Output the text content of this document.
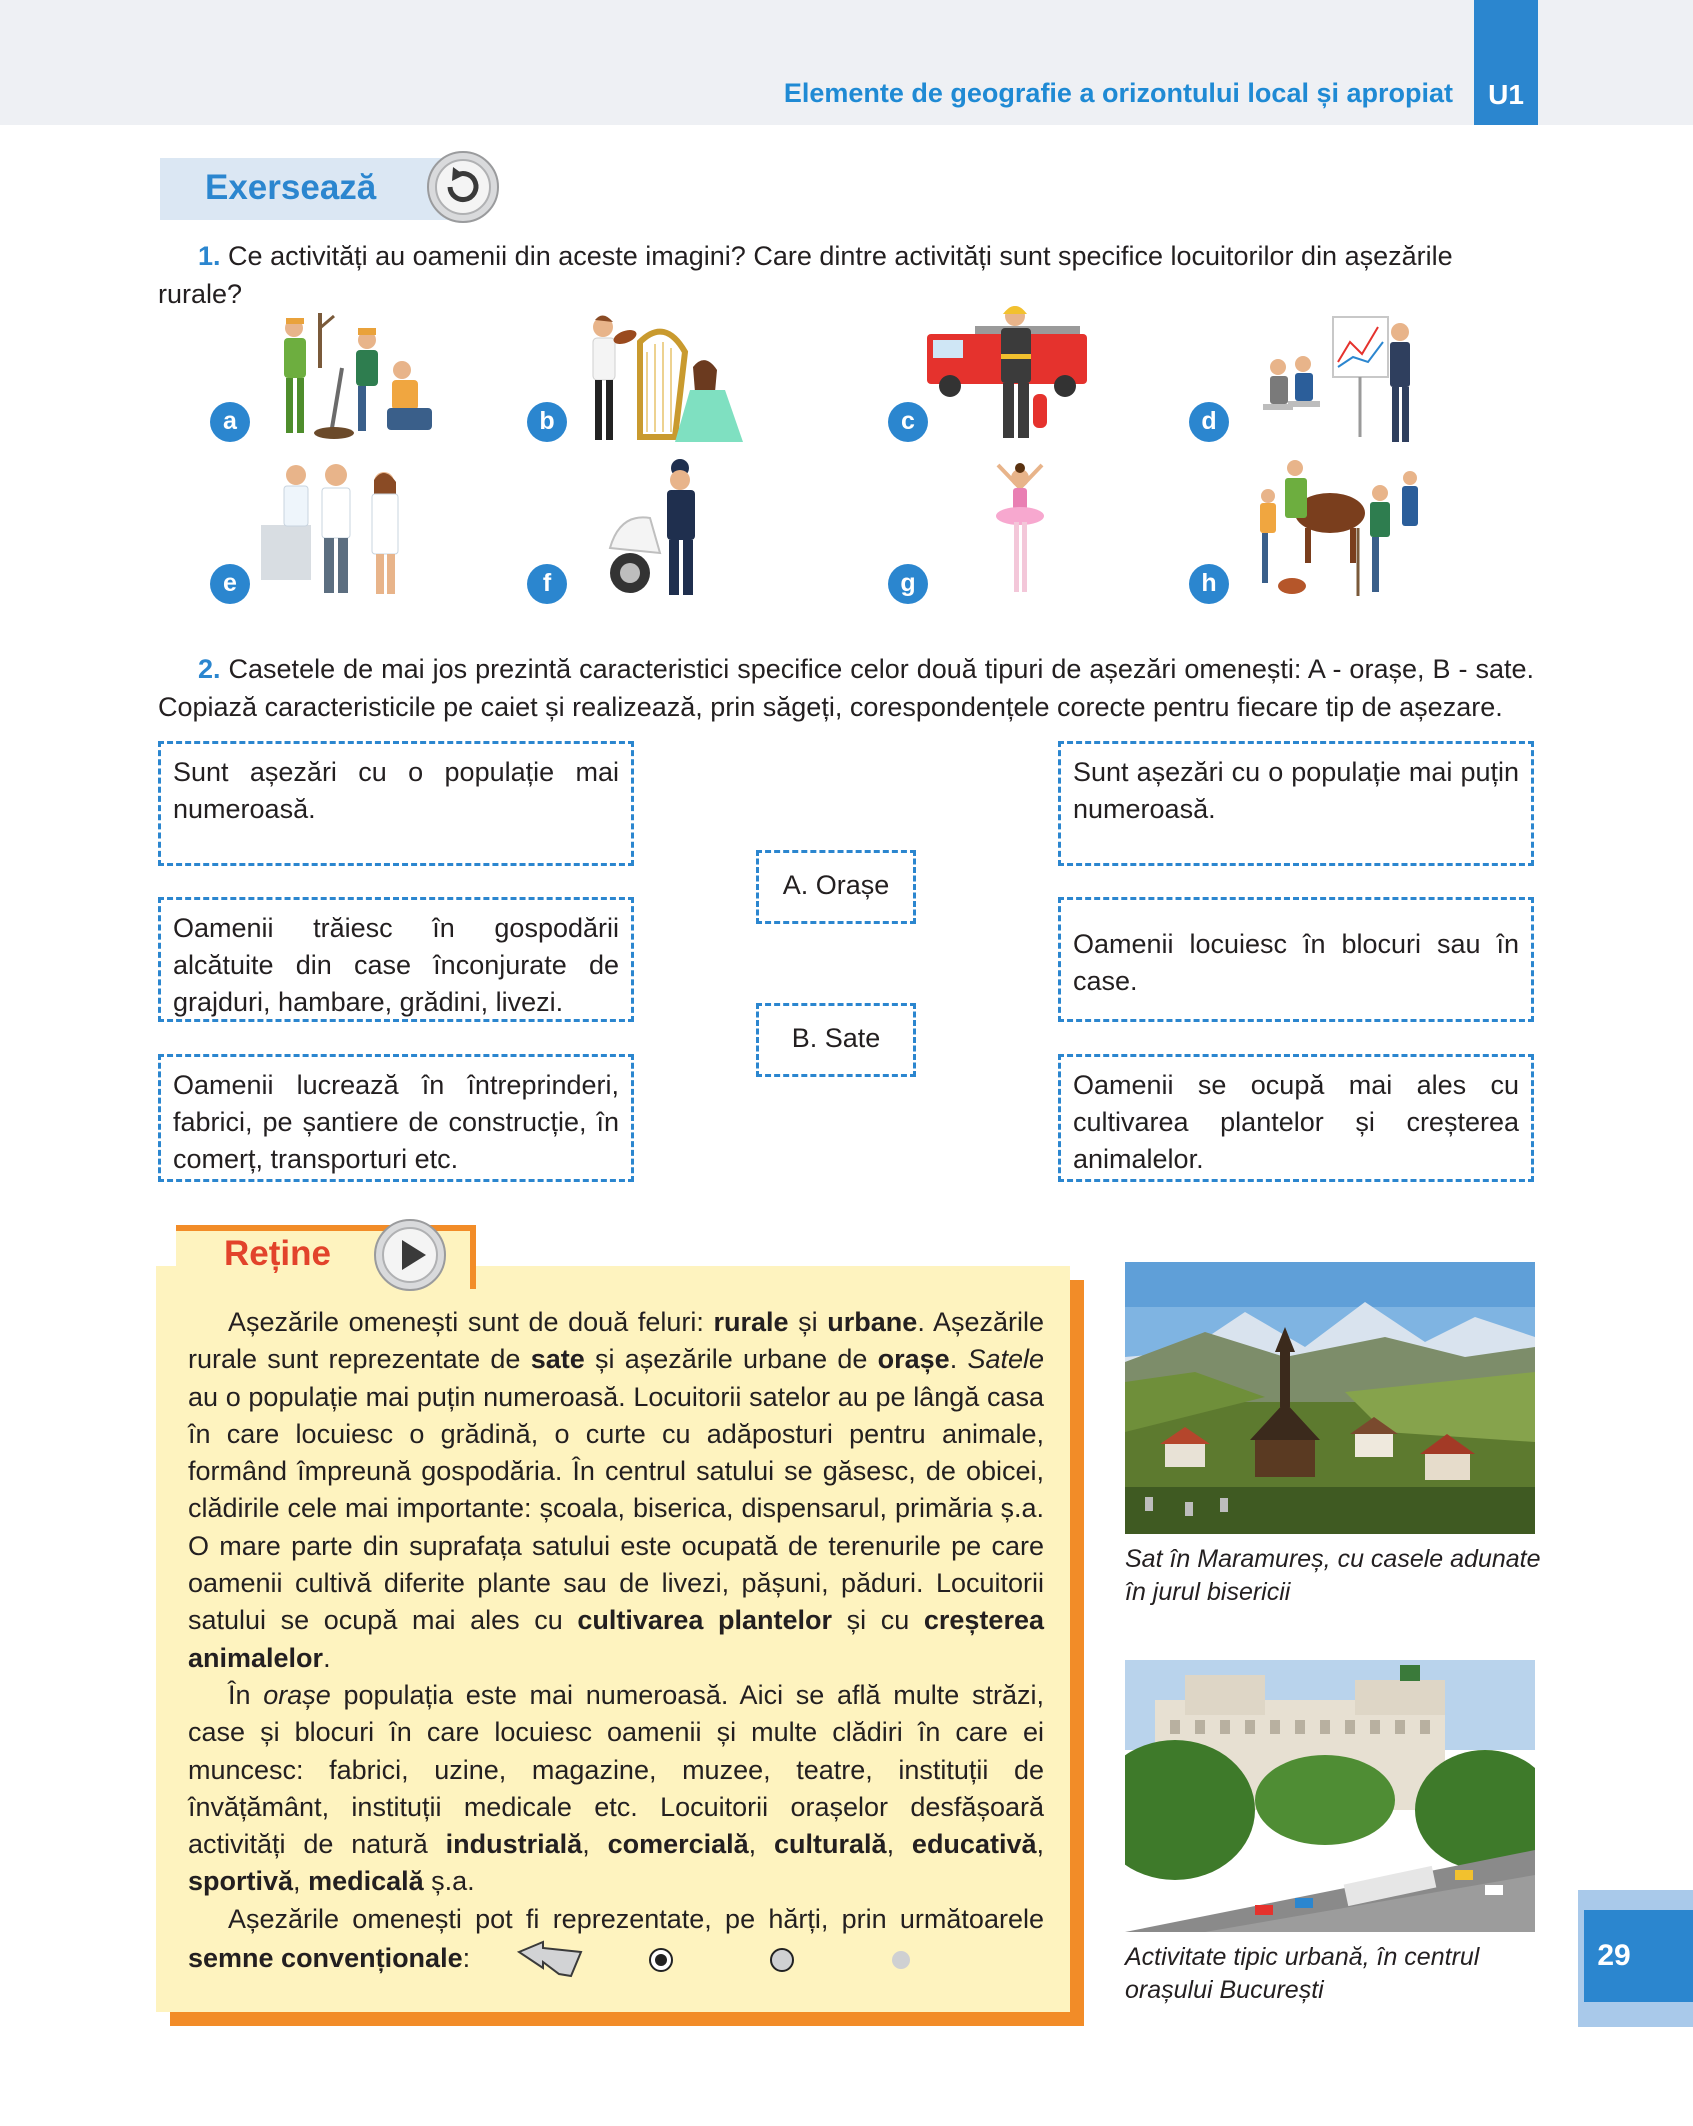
Elemente de geografie a orizontului local și apropiat	U1
Exersează
1. Ce activități au oamenii din aceste imagini? Care dintre activități sunt specifice locuitorilor din așezările rurale?
a	b	c	d
e	f	g	h
2. Casetele de mai jos prezintă caracteristici specifice celor două tipuri de așezări omenești: A - orașe, B - sate. Copiază caracteristicile pe caiet și realizează, prin săgeți, corespondențele corecte pentru fiecare tip de așezare.
Sunt așezări cu o populație mai numeroasă.
Oamenii trăiesc în gospodării alcătuite din case înconjurate de grajduri, hambare, grădini, livezi.
Oamenii lucrează în întreprinderi, fabrici, pe șantiere de construcție, în comerț, transporturi etc.
A. Orașe
B. Sate
Sunt așezări cu o populație mai puțin numeroasă.
Oamenii locuiesc în blocuri sau în case.
Oamenii se ocupă mai ales cu cultivarea plantelor și creșterea animalelor.
Reține

Așezările omenești sunt de două feluri: rurale și urbane. Așezările rurale sunt reprezentate de sate și așezările urbane de orașe. Satele au o populație mai puțin numeroasă. Locuitorii satelor au pe lângă casa în care locuiesc o grădină, o curte cu adăposturi pentru animale, formând împreună gospodăria. În centrul satului se găsesc, de obicei, clădirile cele mai importante: școala, biserica, dispensarul, primăria ș.a. O mare parte din suprafața satului este ocupată de terenurile pe care oamenii cultivă diferite plante sau de livezi, pășuni, păduri. Locuitorii satului se ocupă mai ales cu cultivarea plantelor și cu creșterea animalelor.

În orașe populația este mai numeroasă. Aici se află multe străzi, case și blocuri în care locuiesc oamenii și multe clădiri în care ei muncesc: fabrici, uzine, magazine, muzee, teatre, instituții de învățământ, instituții medicale etc. Locuitorii orașelor desfășoară activități de natură industrială, comercială, culturală, educativă, sportivă, medicală ș.a.

Așezările omenești pot fi reprezentate, pe hărți, prin următoarele semne convenționale:

Sat în Maramureș, cu casele adunate în jurul bisericii
Activitate tipic urbană, în centrul orașului București
29
